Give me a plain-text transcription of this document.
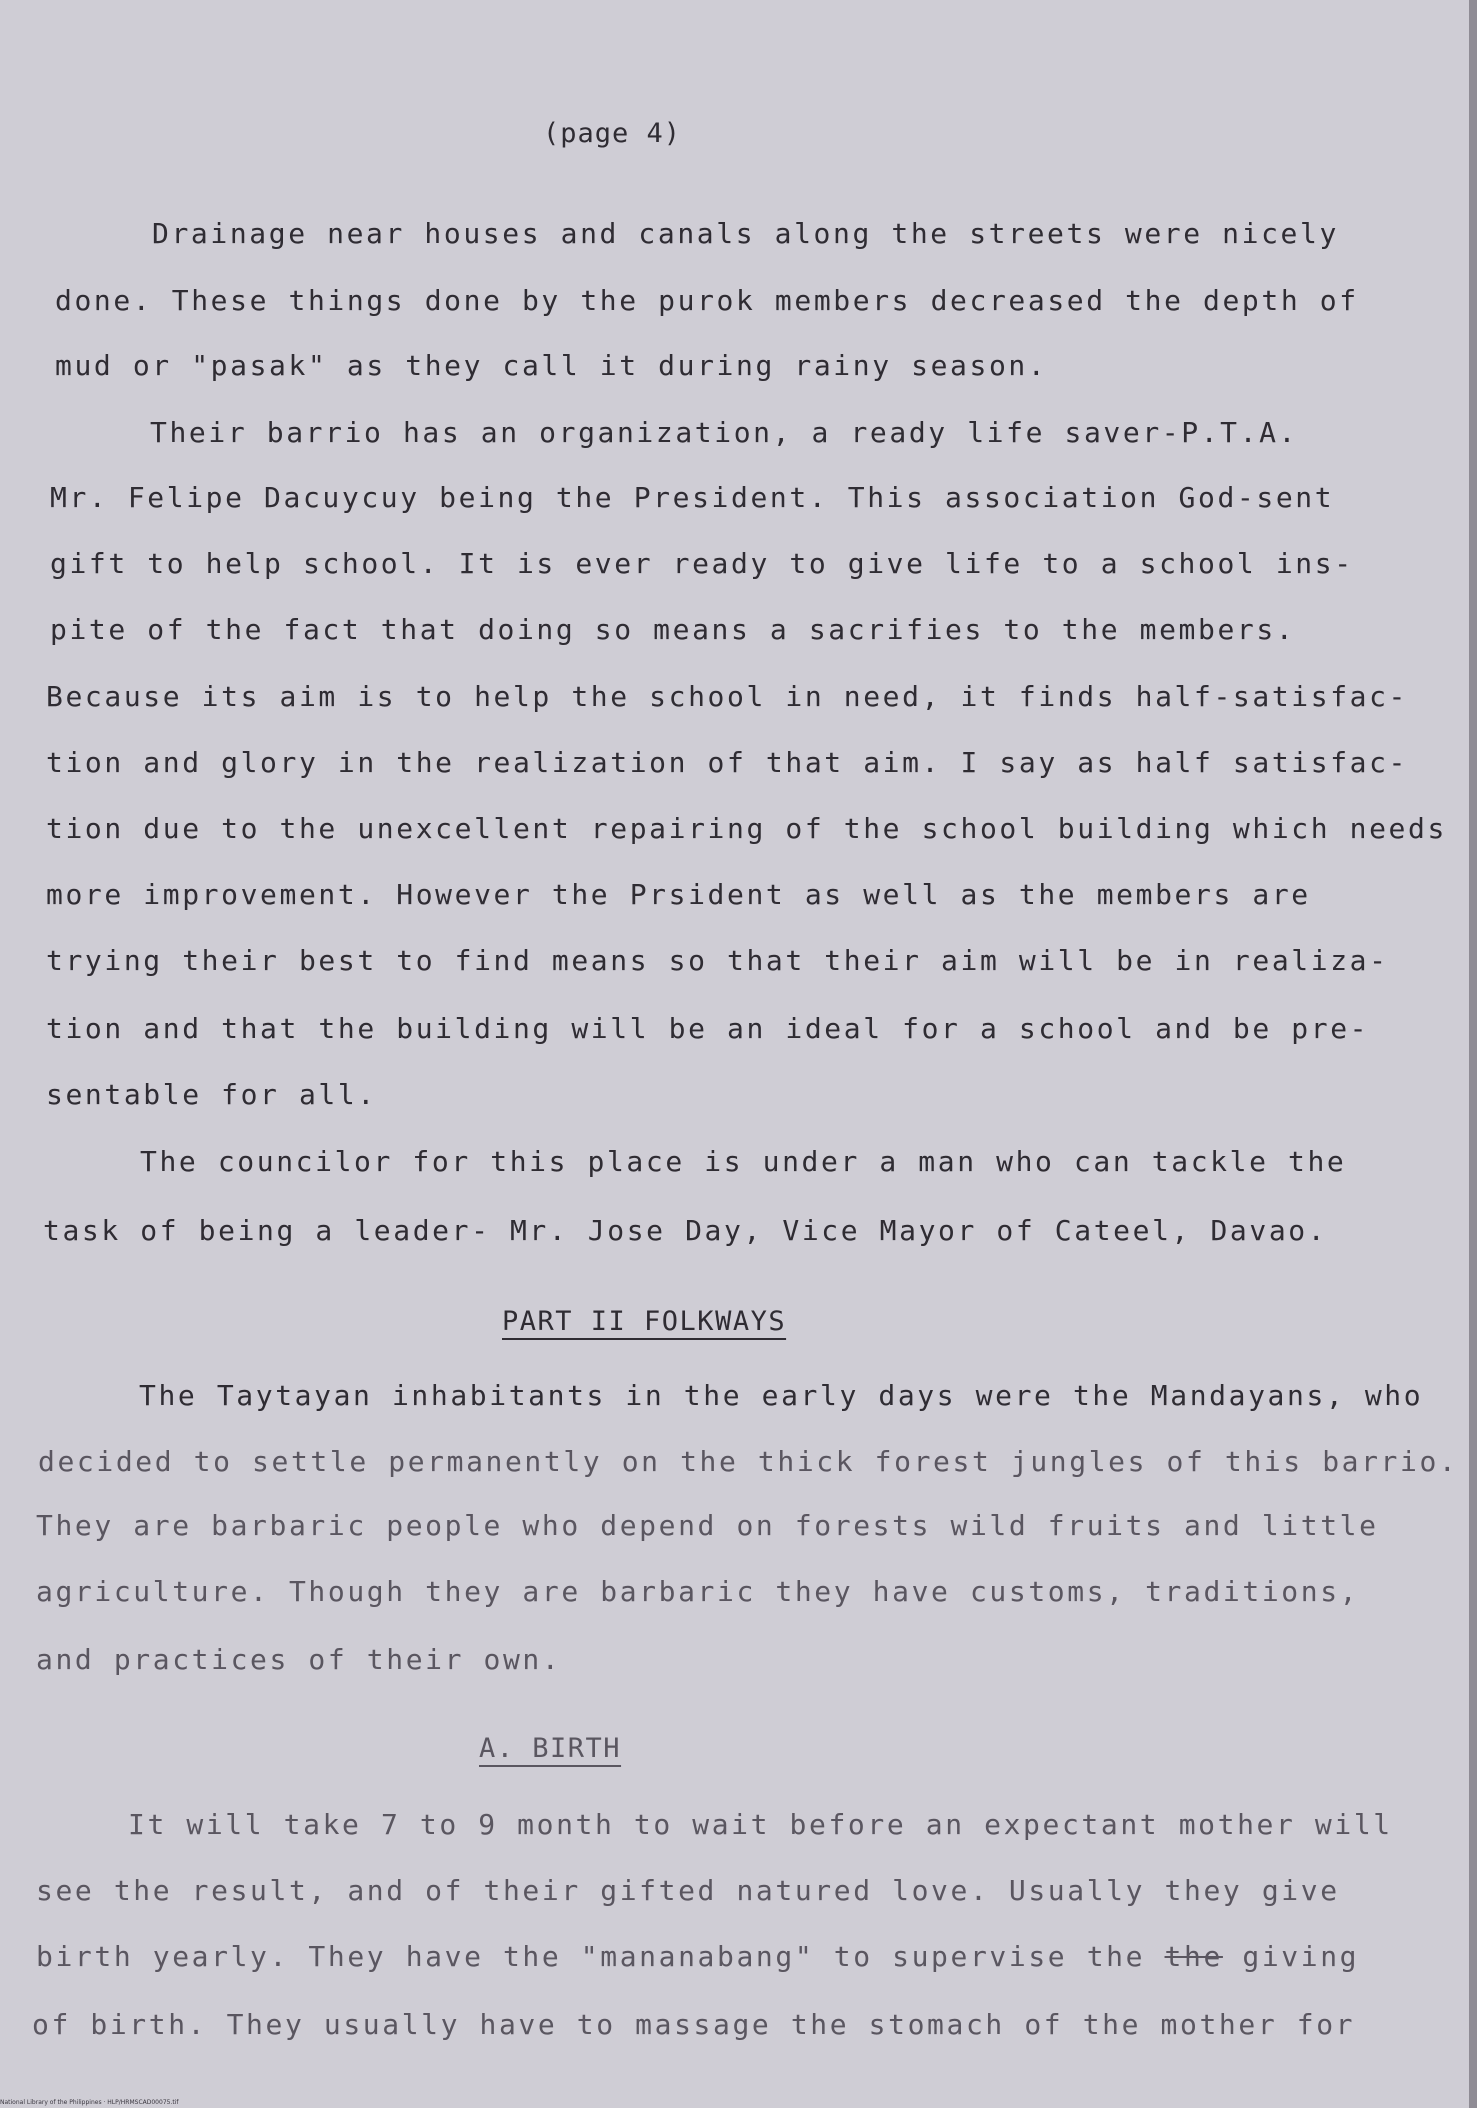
(page 4)
Drainage near houses and canals along the streets were nicely
done. These things done by the purok members decreased the depth of
mud or "pasak" as they call it during rainy season.
Their barrio has an organization, a ready life saver-P.T.A.
Mr. Felipe Dacuycuy being the President. This association God-sent
gift to help school. It is ever ready to give life to a school ins-
pite of the fact that doing so means a sacrifies to the members.
Because its aim is to help the school in need, it finds half-satisfac-
tion and glory in the realization of that aim. I say as half satisfac-
tion due to the unexcellent repairing of the school building which needs
more improvement. However the Prsident as well as the members are
trying their best to find means so that their aim will be in realiza-
tion and that the building will be an ideal for a school and be pre-
sentable for all.
The councilor for this place is under a man who can tackle the
task of being a leader- Mr. Jose Day, Vice Mayor of Cateel, Davao.
PART II FOLKWAYS
The Taytayan inhabitants in the early days were the Mandayans, who
decided to settle permanently on the thick forest jungles of this barrio.
They are barbaric people who depend on forests wild fruits and little
agriculture. Though they are barbaric they have customs, traditions,
and practices of their own.
A. BIRTH
It will take 7 to 9 month to wait before an expectant mother will
see the result, and of their gifted natured love. Usually they give
birth yearly. They have the "mananabang" to supervise the the giving
of birth. They usually have to massage the stomach of the mother for
National Library of the Philippines · HLP/HRMSCAD00075.tif
